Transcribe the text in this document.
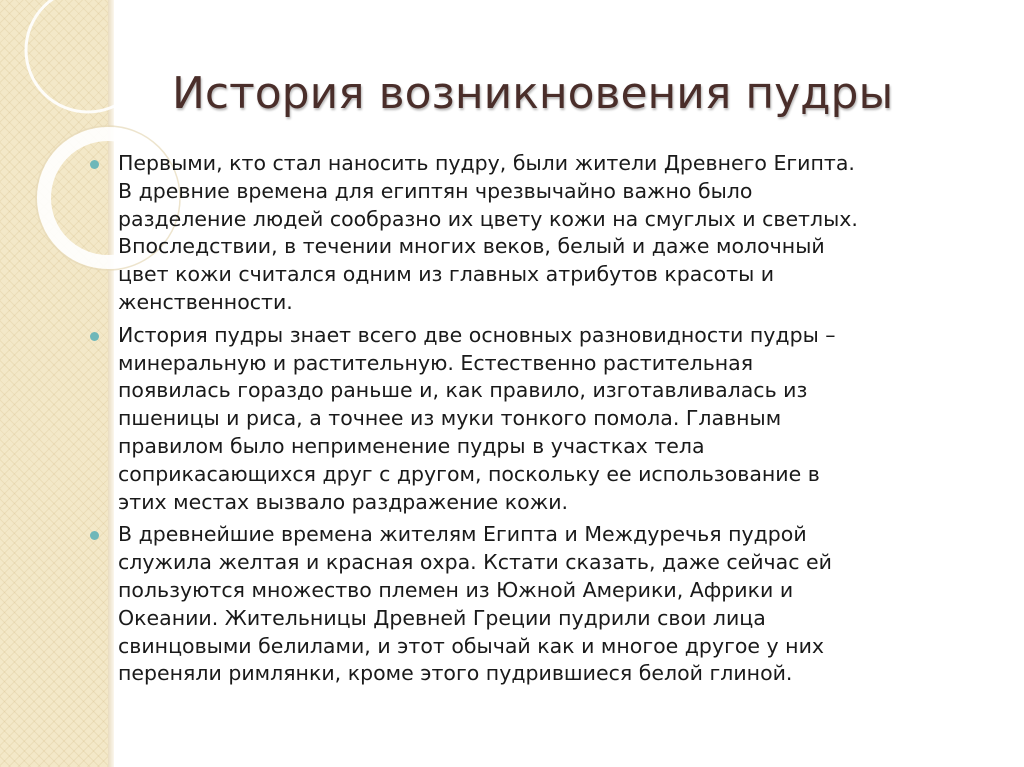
История возникновения пудры
Первыми, кто стал наносить пудру, были жители Древнего Египта.
В древние времена для египтян чрезвычайно важно было
разделение людей сообразно их цвету кожи на смуглых и светлых.
Впоследствии, в течении многих веков, белый и даже молочный
цвет кожи считался одним из главных атрибутов красоты и
женственности.
История пудры знает всего две основных разновидности пудры –
минеральную и растительную. Естественно растительная
появилась гораздо раньше и, как правило, изготавливалась из
пшеницы и риса, а точнее из муки тонкого помола. Главным
правилом было неприменение пудры в участках тела
соприкасающихся друг с другом, поскольку ее использование в
этих местах вызвало раздражение кожи.
В древнейшие времена жителям Египта и Междуречья пудрой
служила желтая и красная охра. Кстати сказать, даже сейчас ей
пользуются множество племен из Южной Америки, Африки и
Океании. Жительницы Древней Греции пудрили свои лица
свинцовыми белилами, и этот обычай как и многое другое у них
переняли римлянки, кроме этого пудрившиеся белой глиной.
